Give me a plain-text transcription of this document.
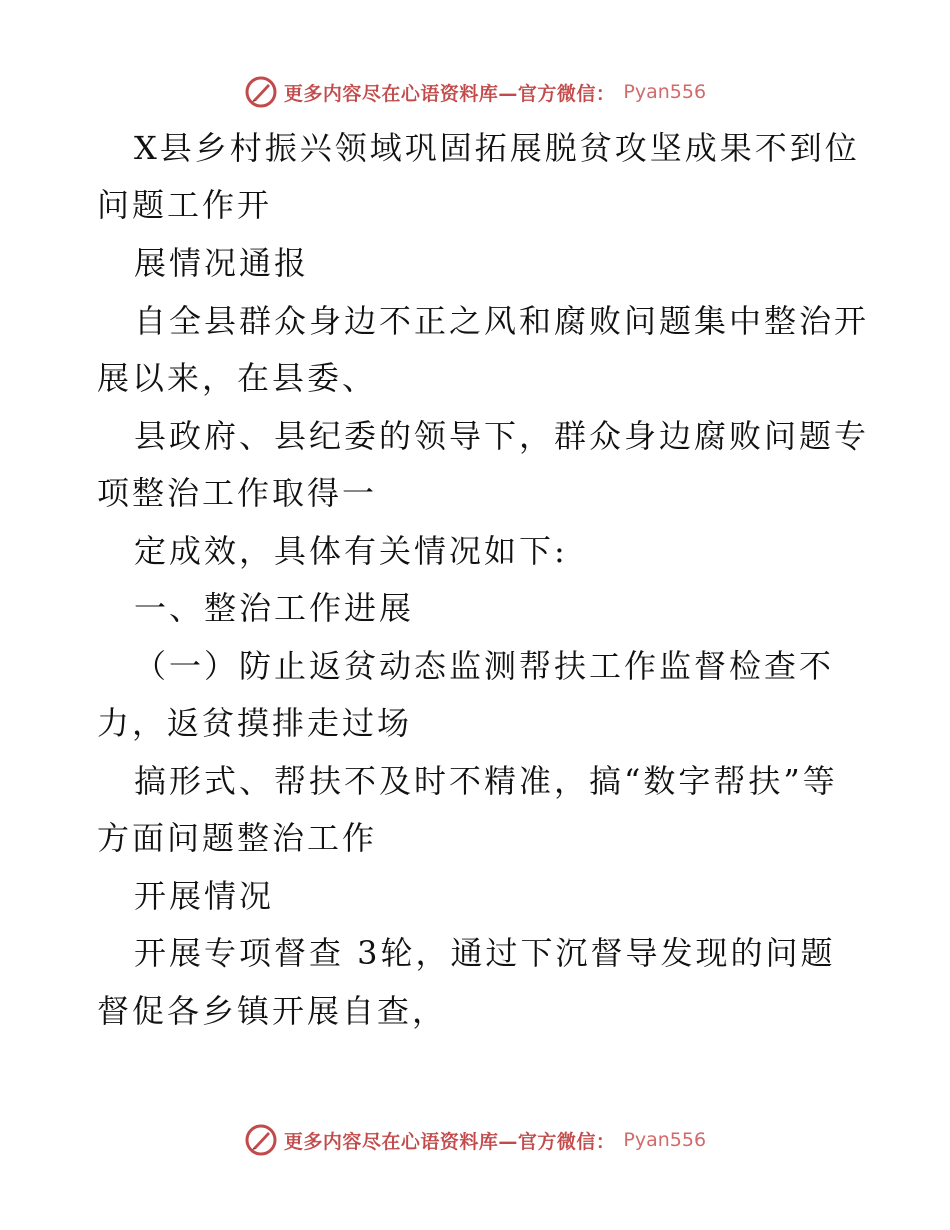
更多内容尽在心语资料库—官方微信： Pyan556
X县乡村振兴领域巩固拓展脱贫攻坚成果不到位
问题工作开
展情况通报
自全县群众身边不正之风和腐败问题集中整治开
展以来，在县委、
县政府、县纪委的领导下，群众身边腐败问题专
项整治工作取得一
定成效，具体有关情况如下:
一、整治工作进展
（一）防止返贫动态监测帮扶工作监督检查不
力，返贫摸排走过场
搞形式、帮扶不及时不精准，搞“数字帮扶”等
方面问题整治工作
开展情况
开展专项督查 3轮，通过下沉督导发现的问题
督促各乡镇开展自查，
更多内容尽在心语资料库—官方微信： Pyan556
